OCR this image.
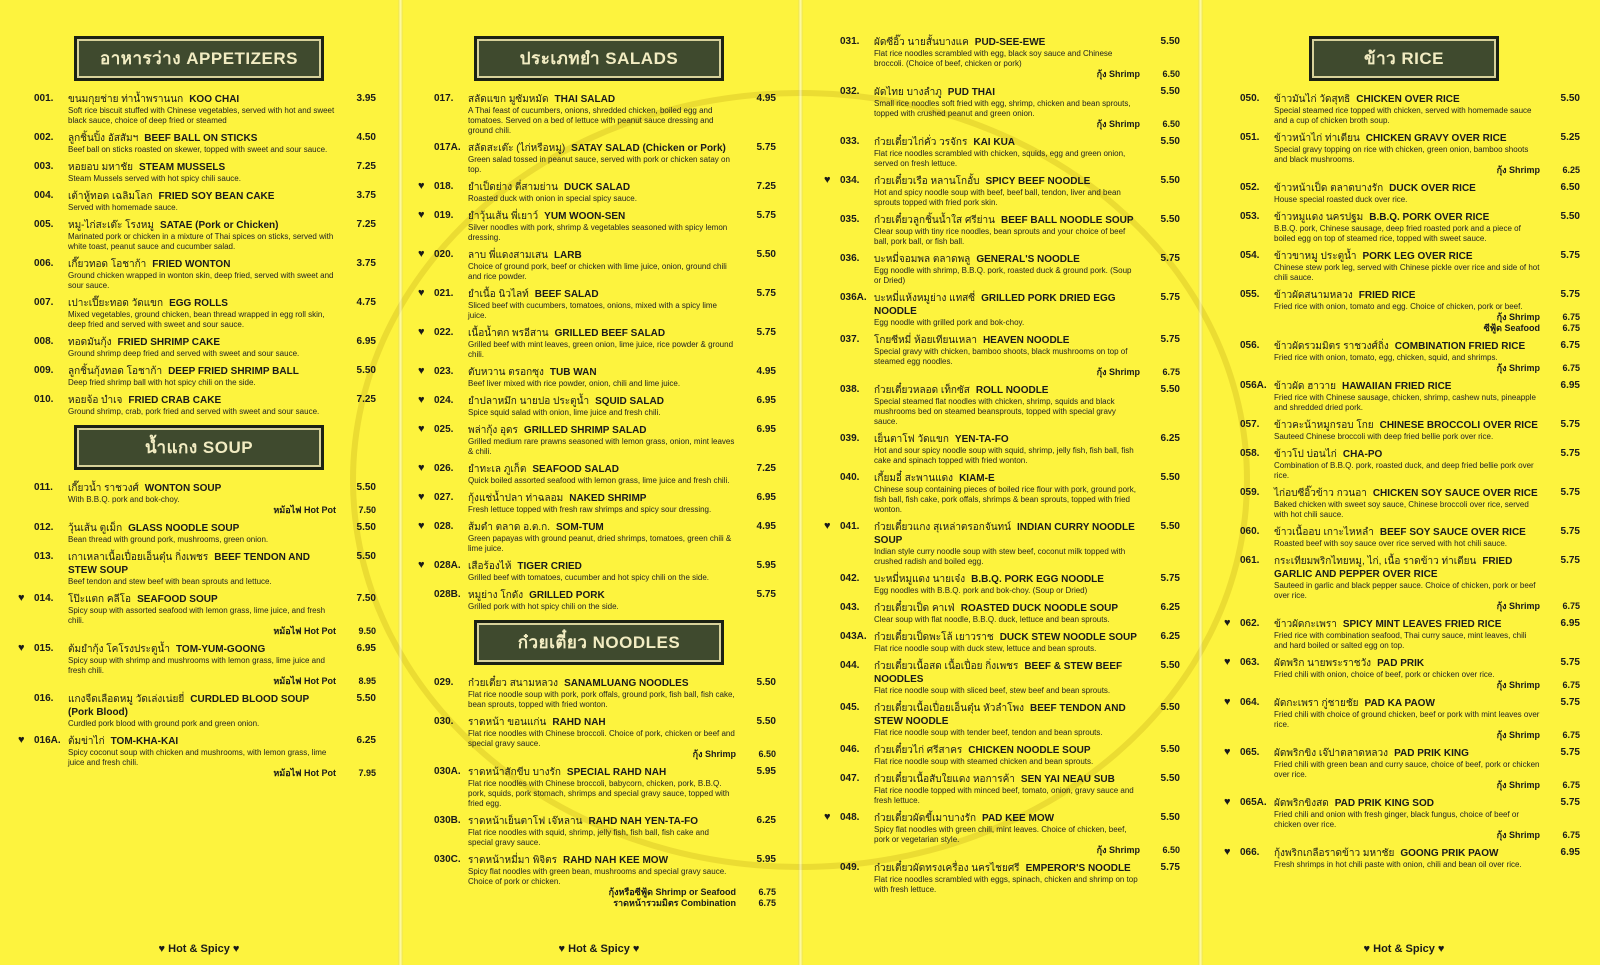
อาหารว่าง APPETIZERS
001.	ขนมกุยช่าย ท่าน้ำพรานนก KOO CHAI	3.95
Soft rice biscuit stuffed with Chinese vegetables, served with hot and sweet black sauce, choice of deep fried or steamed
002.	ลูกชิ้นปิ้ง อัสสัมฯ BEEF BALL ON STICKS	4.50
Beef ball on sticks roasted on skewer, topped with sweet and sour sauce.
003.	หอยอบ มหาชัย STEAM MUSSELS	7.25
Steam Mussels served with hot spicy chili sauce.
004.	เต้าหู้ทอด เฉลิมโลก FRIED SOY BEAN CAKE	3.75
Served with homemade sauce.
005.	หมู-ไก่สะเต๊ะ โรงหมู SATAE (Pork or Chicken)	7.25
Marinated pork or chicken in a mixture of Thai spices on sticks, served with white toast, peanut sauce and cucumber salad.
006.	เกี๊ยวทอด โอชาก้า FRIED WONTON	3.75
Ground chicken wrapped in wonton skin, deep fried, served with sweet and sour sauce.
007.	เปาะเปี๊ยะทอด วัดแขก EGG ROLLS	4.75
Mixed vegetables, ground chicken, bean thread wrapped in egg roll skin, deep fried and served with sweet and sour sauce.
008.	ทอดมันกุ้ง FRIED SHRIMP CAKE	6.95
Ground shrimp deep fried and served with sweet and sour sauce.
009.	ลูกชิ้นกุ้งทอด โอชาก้า DEEP FRIED SHRIMP BALL	5.50
Deep fried shrimp ball with hot spicy chili on the side.
010.	หอยจ้อ บำเจ FRIED CRAB CAKE	7.25
Ground shrimp, crab, pork fried and served with sweet and sour sauce.
น้ำแกง SOUP
011.	เกี๊ยวน้ำ ราชวงศ์ WONTON SOUP	5.50
With B.B.Q. pork and bok-choy.
หม้อไฟ Hot Pot 7.50
012.	วุ้นเส้น ตูเม็ก GLASS NOODLE SOUP	5.50
Bean thread with ground pork, mushrooms, green onion.
013.	เกาเหลาเนื้อเปื่อยเอ็นตุ๋น กิ่งเพชร BEEF TENDON AND STEW SOUP
5.50
Beef tendon and stew beef with bean sprouts and lettuce.
♥ 014.	โป๊ะแตก คลีโอ SEAFOOD SOUP	7.50
Spicy soup with assorted seafood with lemon grass, lime juice, and fresh chili.
หม้อไฟ Hot Pot 9.50
♥ 015.	ต้มยำกุ้ง โคโรงประตูน้ำ TOM-YUM-GOONG	6.95
Spicy soup with shrimp and mushrooms with lemon grass, lime juice and fresh chili.
หม้อไฟ Hot Pot 8.95
016.	แกงจืดเลือดหมู วัดเล่งเน่ยยี่ CURDLED BLOOD SOUP (Pork Blood)
5.50
Curdled pork blood with ground pork and green onion.
♥ 016A. ต้มข่าไก่ TOM-KHA-KAI	6.25
Spicy coconut soup with chicken and mushrooms, with lemon grass, lime juice and fresh chili.
หม้อไฟ Hot Pot 7.95
♥ Hot & Spicy ♥
ประเภทยำ SALADS
017.	สลัดแขก มูซัมหมัด THAI SALAD	4.95
A Thai feast of cucumbers, onions, shredded chicken, boiled egg and tomatoes. Served on a bed of lettuce with peanut sauce dressing and ground chili.
017A. สลัดสะเต๊ะ (ไก่หรือหมู) SATAY SALAD (Chicken or Pork)	5.75
Green salad tossed in peanut sauce, served with pork or chicken satay on top.
♥ 018.	ยำเป็ดย่าง ตี่สามย่าน DUCK SALAD	7.25
Roasted duck with onion in special spicy sauce.
♥ 019.	ยำวุ้นเส้น พี่เยาว์ YUM WOON-SEN	5.75
Silver noodles with pork, shrimp & vegetables seasoned with spicy lemon dressing.
♥ 020.	ลาบ พี่แดงสามเสน LARB	5.50
Choice of ground pork, beef or chicken with lime juice, onion, ground chili and rice powder.
♥ 021.	ยำเนื้อ นิวไลท์ BEEF SALAD	5.75
Sliced beef with cucumbers, tomatoes, onions, mixed with a spicy lime juice.
♥ 022.	เนื้อน้ำตก พรอีสาน GRILLED BEEF SALAD	5.75
Grilled beef with mint leaves, green onion, lime juice, rice powder & ground chili.
♥ 023.	ตับหวาน ตรอกซุง TUB WAN	4.95
Beef liver mixed with rice powder, onion, chili and lime juice.
♥ 024.	ยำปลาหมึก นายปอ ประตูน้ำ SQUID SALAD	6.95
Spice squid salad with onion, lime juice and fresh chili.
♥ 025.	พล่ากุ้ง อุดร GRILLED SHRIMP SALAD	6.95
Grilled medium rare prawns seasoned with lemon grass, onion, mint leaves & chili.
♥ 026.	ยำทะเล ภูเก็ต SEAFOOD SALAD	7.25
Quick boiled assorted seafood with lemon grass, lime juice and fresh chili.
♥ 027.	กุ้งแช่น้ำปลา ท่าฉลอม NAKED SHRIMP	6.95
Fresh lettuce topped with fresh raw shrimps and spicy sour dressing.
♥ 028.	ส้มตำ ตลาด อ.ต.ก. SOM-TUM	4.95
Green papayas with ground peanut, dried shrimps, tomatoes, green chili & lime juice.
♥ 028A. เสือร้องไห้ TIGER CRIED	5.95
Grilled beef with tomatoes, cucumber and hot spicy chili on the side.
028B. หมูย่าง โกดัง GRILLED PORK	5.75
Grilled pork with hot spicy chili on the side.
ก๋วยเตี๋ยว NOODLES
029.	ก๋วยเตี๋ยว สนามหลวง SANAMLUANG NOODLES	5.50
Flat rice noodle soup with pork, pork offals, ground pork, fish ball, fish cake, bean sprouts, topped with fried wonton.
030.	ราดหน้า ขอนแก่น RAHD NAH	5.50
Flat rice noodles with Chinese broccoli. Choice of pork, chicken or beef and special gravy sauce.
กุ้ง Shrimp 6.50
030A. ราดหน้าสักขีบ บางรัก SPECIAL RAHD NAH	5.95
Flat rice noodles with Chinese broccoli, babycorn, chicken, pork, B.B.Q. pork, squids, pork stomach, shrimps and special gravy sauce, topped with fried egg.
030B. ราดหน้าเย็นตาโฟ เจ๊หลาน RAHD NAH YEN-TA-FO	6.25
Flat rice noodles with squid, shrimp, jelly fish, fish ball, fish cake and special gravy sauce.
030C. ราดหน้าหมี่มา พิจิตร RAHD NAH KEE MOW	5.95
Spicy flat noodles with green bean, mushrooms and special gravy sauce. Choice of pork or chicken.
กุ้งหรือซีฟู้ด Shrimp or Seafood 6.75
ราดหน้ารวมมิตร Combination 6.75
♥ Hot & Spicy ♥
031.	ผัดซีอิ๊ว นายสั้นบางแค PUD-SEE-EWE	5.50
Flat rice noodles scrambled with egg, black soy sauce and Chinese broccoli. (Choice of beef, chicken or pork)
กุ้ง Shrimp 6.50
032.	ผัดไทย บางลำภู PUD THAI	5.50
Small rice noodles soft fried with egg, shrimp, chicken and bean sprouts, topped with crushed peanut and green onion.
กุ้ง Shrimp 6.50
033.	ก๋วยเตี๋ยวไก่คั่ว วรจักร KAI KUA	5.50
Flat rice noodles scrambled with chicken, squids, egg and green onion, served on fresh lettuce.
♥ 034.	ก๋วยเตี๋ยวเรือ หลานโกอั้บ SPICY BEEF NOODLE	5.50
Hot and spicy noodle soup with beef, beef ball, tendon, liver and bean sprouts topped with fried pork skin.
035.	ก๋วยเตี๋ยวลูกชิ้นน้ำใส ศรีย่าน BEEF BALL NOODLE SOUP	5.50
Clear soup with tiny rice noodles, bean sprouts and your choice of beef ball, pork ball, or fish ball.
036.	บะหมี่จอมพล ตลาดพลู GENERAL'S NOODLE	5.75
Egg noodle with shrimp, B.B.Q. pork, roasted duck & ground pork. (Soup or Dried)
036A. บะหมี่แห้งหมูย่าง แทสซี่ GRILLED PORK DRIED EGG NOODLE
5.75
Egg noodle with grilled pork and bok-choy.
037.	โกยซีหมี่ ห้อยเทียนเหลา HEAVEN NOODLE	5.75
Special gravy with chicken, bamboo shoots, black mushrooms on top of steamed egg noodles.
กุ้ง Shrimp 6.75
038.	ก๋วยเตี๋ยวหลอด เท็กซัส ROLL NOODLE	5.50
Special steamed flat noodles with chicken, shrimp, squids and black mushrooms bed on steamed beansprouts, topped with special gravy sauce.
039.	เย็นตาโฟ วัดแขก YEN-TA-FO	6.25
Hot and sour spicy noodle soup with squid, shrimp, jelly fish, fish ball, fish cake and spinach topped with fried wonton.
040.	เกี้ยมอี๋ สะพานแดง KIAM-E	5.50
Chinese soup containing pieces of boiled rice flour with pork, ground pork, fish ball, fish cake, pork offals, shrimps & bean sprouts, topped with fried wonton.
♥ 041.	ก๋วยเตี๋ยวแกง สุเหล่าตรอกจันทน์ INDIAN CURRY NOODLE SOUP
5.50
Indian style curry noodle soup with stew beef, coconut milk topped with crushed radish and boiled egg.
042.	บะหมี่หมูแดง นายเจ๋ง B.B.Q. PORK EGG NOODLE	5.75
Egg noodles with B.B.Q. pork and bok-choy. (Soup or Dried)
043.	ก๋วยเตี๋ยวเป็ด คาเฟ่ ROASTED DUCK NOODLE SOUP	6.25
Clear soup with flat noodle, B.B.Q. duck, lettuce and bean sprouts.
043A. ก๋วยเตี๋ยวเป็ดพะโล้ เยาวราช DUCK STEW NOODLE SOUP	6.25
Flat rice noodle soup with duck stew, lettuce and bean sprouts.
044.	ก๋วยเตี๋ยวเนื้อสด เนื้อเปื่อย กิ่งเพชร BEEF & STEW BEEF NOODLES
5.50
Flat rice noodle soup with sliced beef, stew beef and bean sprouts.
045.	ก๋วยเตี๋ยวเนื้อเปื่อยเอ็นตุ๋น หัวลำโพง BEEF TENDON AND STEW NOODLE
5.50
Flat rice noodle soup with tender beef, tendon and bean sprouts.
046.	ก๋วยเตี๋ยวไก่ ศรีสาคร CHICKEN NOODLE SOUP	5.50
Flat rice noodle soup with steamed chicken and bean sprouts.
047.	ก๋วยเตี๋ยวเนื้อสับใยแดง หอการค้า SEN YAI NEAU SUB	5.50
Flat rice noodle topped with minced beef, tomato, onion, gravy sauce and fresh lettuce.
♥ 048.	ก๋วยเตี๋ยวผัดขี้เมาบางรัก PAD KEE MOW	5.50
Spicy flat noodles with green chili, mint leaves. Choice of chicken, beef, pork or vegetarian style.
กุ้ง Shrimp 6.50
049.	ก๋วยเตี๋ยวผัดทรงเครื่อง นครไชยศรี EMPEROR'S NOODLE	5.75
Flat rice noodles scrambled with eggs, spinach, chicken and shrimp on top with fresh lettuce.
ข้าว RICE
050.	ข้าวมันไก่ วัดสุทธิ CHICKEN OVER RICE	5.50
Special steamed rice topped with chicken, served with homemade sauce and a cup of chicken broth soup.
051.	ข้าวหน้าไก่ ท่าเตียน CHICKEN GRAVY OVER RICE	5.25
Special gravy topping on rice with chicken, green onion, bamboo shoots and black mushrooms.
กุ้ง Shrimp 6.25
052.	ข้าวหน้าเป็ด ตลาดบางรัก DUCK OVER RICE	6.50
House special roasted duck over rice.
053.	ข้าวหมูแดง นครปฐม B.B.Q. PORK OVER RICE	5.50
B.B.Q. pork, Chinese sausage, deep fried roasted pork and a piece of boiled egg on top of steamed rice, topped with sweet sauce.
054.	ข้าวขาหมู ประตูน้ำ PORK LEG OVER RICE	5.75
Chinese stew pork leg, served with Chinese pickle over rice and side of hot chili sauce.
055.	ข้าวผัดสนามหลวง FRIED RICE	5.75
Fried rice with onion, tomato and egg. Choice of chicken, pork or beef.
กุ้ง Shrimp 6.75
ซีฟู้ด Seafood 6.75
056.	ข้าวผัดรวมมิตร ราชวงศ์ถิ่ง COMBINATION FRIED RICE	6.75
Fried rice with onion, tomato, egg, chicken, squid, and shrimps.
กุ้ง Shrimp 6.75
056A. ข้าวผัด ฮาวาย HAWAIIAN FRIED RICE	6.95
Fried rice with Chinese sausage, chicken, shrimp, cashew nuts, pineapple and shredded dried pork.
057.	ข้าวคะน้าหมูกรอบ โกย CHINESE BROCCOLI OVER RICE	5.75
Sauteed Chinese broccoli with deep fried bellie pork over rice.
058.	ข้าวโป บ่อนไก่ CHA-PO	5.75
Combination of B.B.Q. pork, roasted duck, and deep fried bellie pork over rice.
059.	ไก่อบซีอิ๊วข้าว กวนอา CHICKEN SOY SAUCE OVER RICE	5.75
Baked chicken with sweet soy sauce, Chinese broccoli over rice, served with hot chili sauce.
060.	ข้าวเนื้ออบ เกาะไหหลำ BEEF SOY SAUCE OVER RICE	5.75
Roasted beef with soy sauce over rice served with hot chili sauce.
061.	กระเทียมพริกไทยหมู, ไก่, เนื้อ ราดข้าว ท่าเตียน FRIED GARLIC AND PEPPER OVER RICE
5.75
Sauteed in garlic and black pepper sauce. Choice of chicken, pork or beef over rice.
กุ้ง Shrimp 6.75
♥ 062.	ข้าวผัดกะเพรา SPICY MINT LEAVES FRIED RICE	6.95
Fried rice with combination seafood, Thai curry sauce, mint leaves, chili and hard boiled or salted egg on top.
♥ 063.	ผัดพริก นายพระราชวัง PAD PRIK	5.75
Fried chili with onion, choice of beef, pork or chicken over rice.
กุ้ง Shrimp 6.75
♥ 064.	ผัดกะเพรา กู่ชายชัย PAD KA PAOW	5.75
Fried chili with choice of ground chicken, beef or pork with mint leaves over rice.
กุ้ง Shrimp 6.75
♥ 065.	ผัดพริกขิง เจ๊ปาตลาดหลวง PAD PRIK KING	5.75
Fried chili with green bean and curry sauce, choice of beef, pork or chicken over rice.
กุ้ง Shrimp 6.75
♥ 065A. ผัดพริกขิงสด PAD PRIK KING SOD	5.75
Fried chili and onion with fresh ginger, black fungus, choice of beef or chicken over rice.
กุ้ง Shrimp 6.75
♥ 066.	กุ้งพริกเกลือราดข้าว มหาชัย GOONG PRIK PAOW	6.95
Fresh shrimps in hot chili paste with onion, chili and bean oil over rice.
♥ Hot & Spicy ♥
